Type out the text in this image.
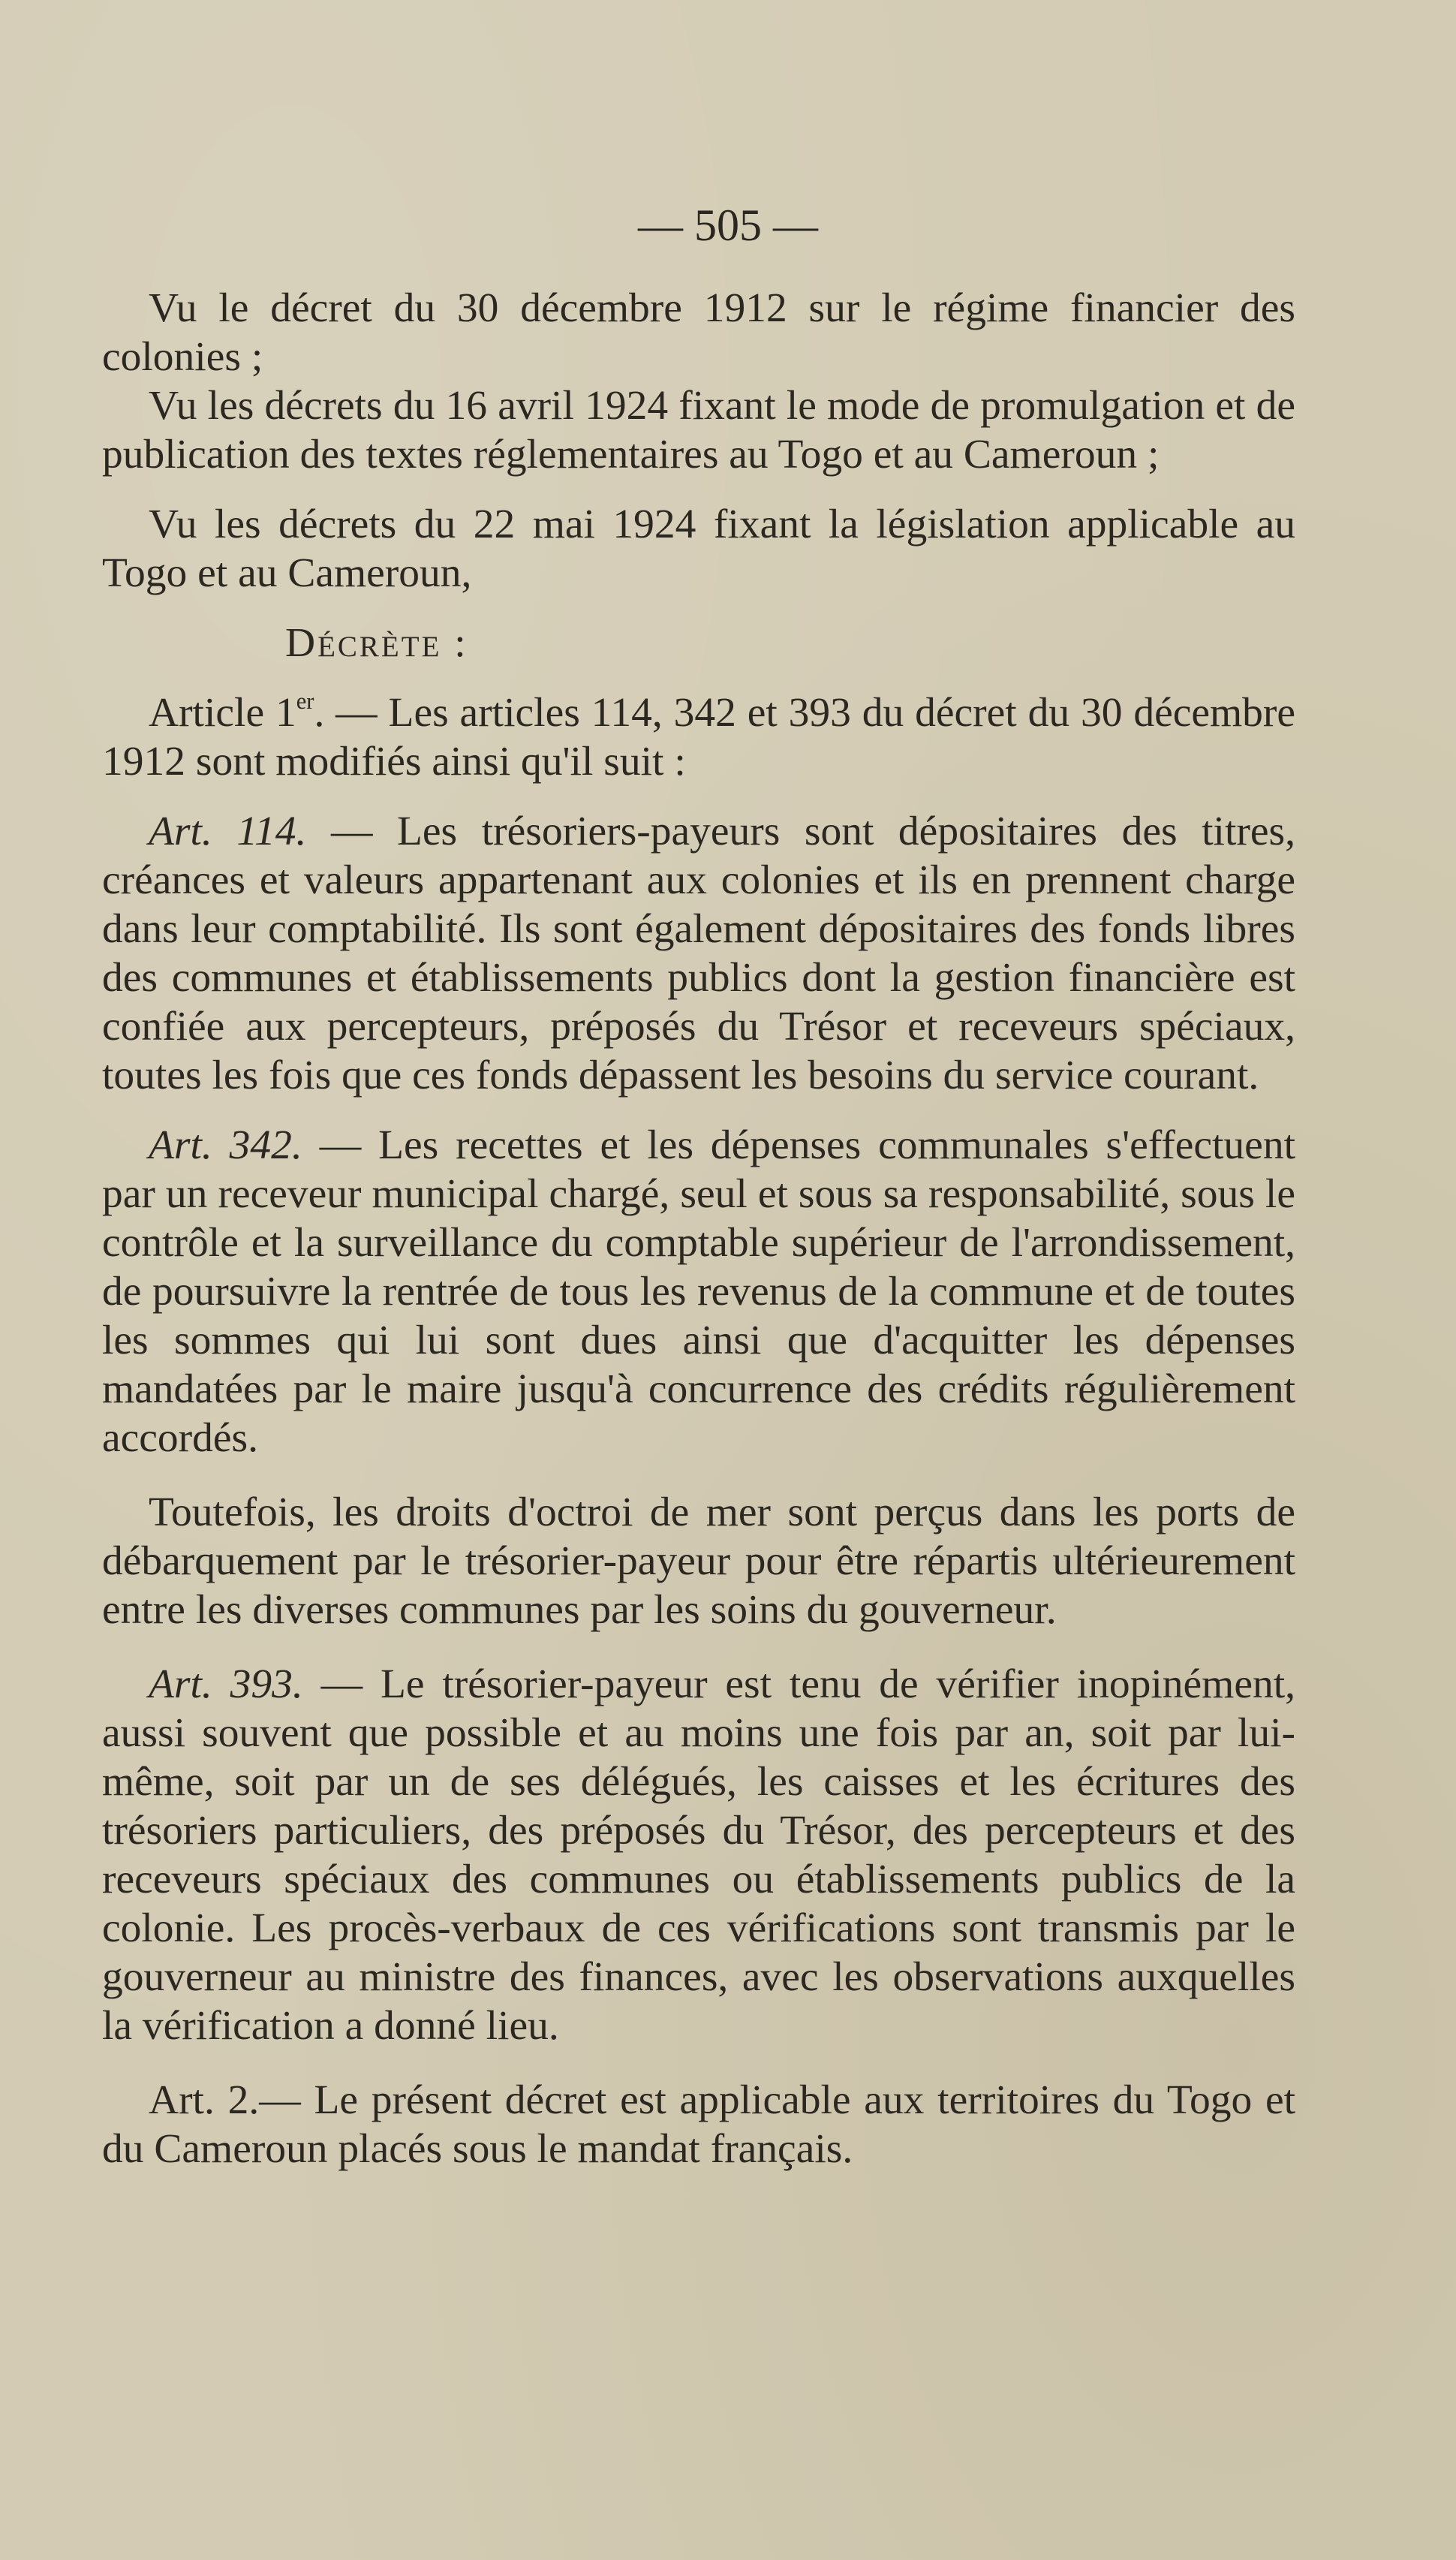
— 505 —

Vu le décret du 30 décembre 1912 sur le régime financier des colonies ;

Vu les décrets du 16 avril 1924 fixant le mode de promulgation et de publication des textes réglementaires au Togo et au Cameroun ;

Vu les décrets du 22 mai 1924 fixant la législation applicable au Togo et au Cameroun,

Décrète :

Article 1er. — Les articles 114, 342 et 393 du décret du 30 décembre 1912 sont modifiés ainsi qu'il suit :

Art. 114. — Les trésoriers-payeurs sont dépositaires des titres, créances et valeurs appartenant aux colonies et ils en prennent charge dans leur comptabilité. Ils sont également dépositaires des fonds libres des communes et établissements publics dont la gestion financière est confiée aux percepteurs, préposés du Trésor et receveurs spéciaux, toutes les fois que ces fonds dépassent les besoins du service courant.

Art. 342. — Les recettes et les dépenses communales s'effectuent par un receveur municipal chargé, seul et sous sa responsabilité, sous le contrôle et la surveillance du comptable supérieur de l'arrondissement, de poursuivre la rentrée de tous les revenus de la commune et de toutes les sommes qui lui sont dues ainsi que d'acquitter les dépenses mandatées par le maire jusqu'à concurrence des crédits régulièrement accordés.

Toutefois, les droits d'octroi de mer sont perçus dans les ports de débarquement par le trésorier-payeur pour être répartis ultérieurement entre les diverses communes par les soins du gouverneur.

Art. 393. — Le trésorier-payeur est tenu de vérifier inopinément, aussi souvent que possible et au moins une fois par an, soit par lui-même, soit par un de ses délégués, les caisses et les écritures des trésoriers particuliers, des préposés du Trésor, des percepteurs et des receveurs spéciaux des communes ou établissements publics de la colonie. Les procès-verbaux de ces vérifications sont transmis par le gouverneur au ministre des finances, avec les observations auxquelles la vérification a donné lieu.

Art. 2.— Le présent décret est applicable aux territoires du Togo et du Cameroun placés sous le mandat français.
